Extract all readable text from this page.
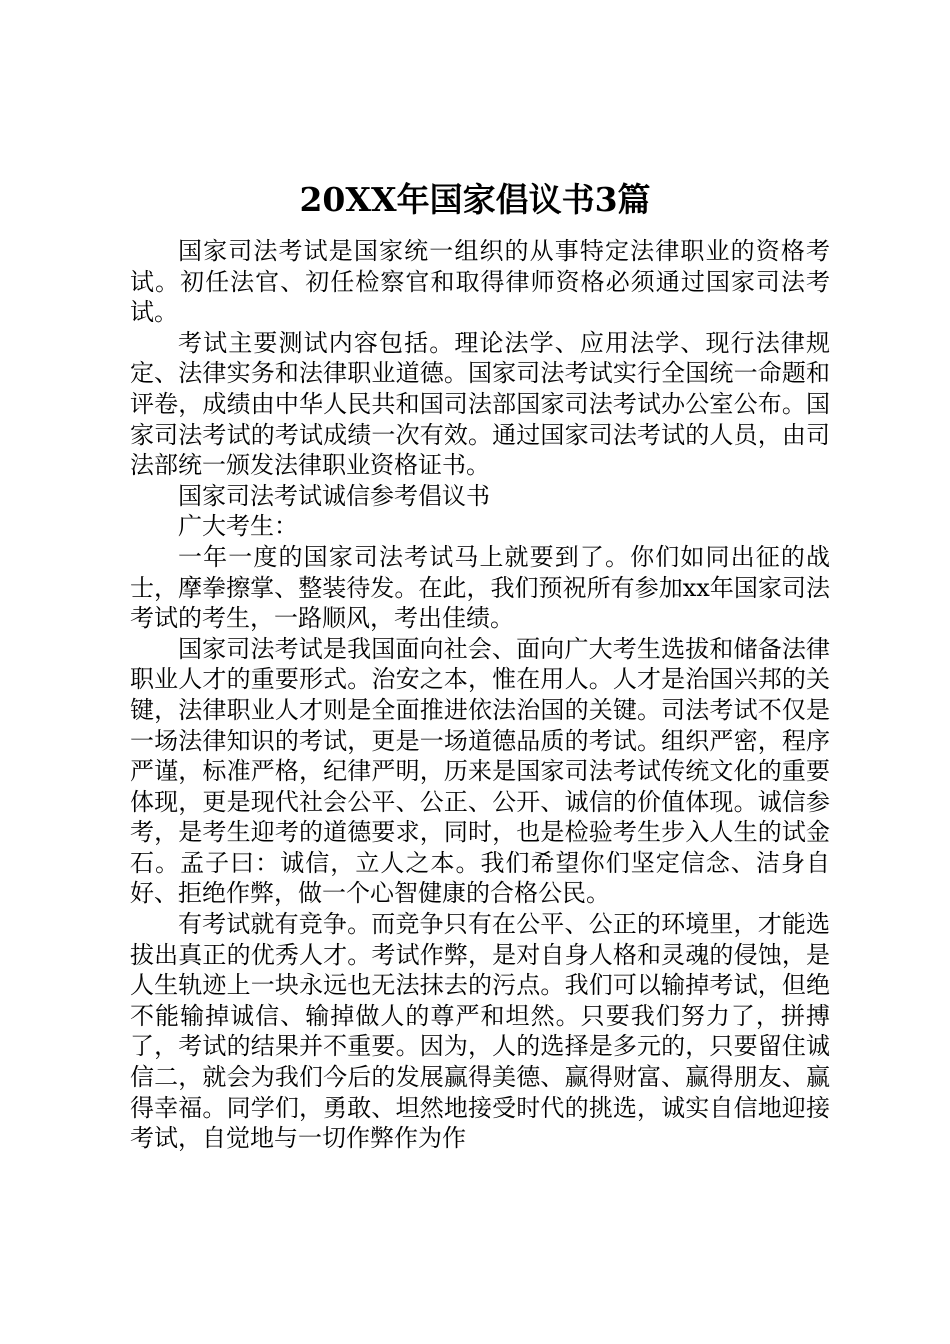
20XX年国家倡议书3篇

国家司法考试是国家统一组织的从事特定法律职业的资格考试。初任法官、初任检察官和取得律师资格必须通过国家司法考试。

考试主要测试内容包括。理论法学、应用法学、现行法律规定、法律实务和法律职业道德。国家司法考试实行全国统一命题和评卷，成绩由中华人民共和国司法部国家司法考试办公室公布。国家司法考试的考试成绩一次有效。通过国家司法考试的人员，由司法部统一颁发法律职业资格证书。

国家司法考试诚信参考倡议书

广大考生：

一年一度的国家司法考试马上就要到了。你们如同出征的战士，摩拳擦掌、整装待发。在此，我们预祝所有参加xx年国家司法考试的考生，一路顺风，考出佳绩。

国家司法考试是我国面向社会、面向广大考生选拔和储备法律职业人才的重要形式。治安之本，惟在用人。人才是治国兴邦的关键，法律职业人才则是全面推进依法治国的关键。司法考试不仅是一场法律知识的考试，更是一场道德品质的考试。组织严密，程序严谨，标准严格，纪律严明，历来是国家司法考试传统文化的重要体现，更是现代社会公平、公正、公开、诚信的价值体现。诚信参考，是考生迎考的道德要求，同时，也是检验考生步入人生的试金石。孟子曰：诚信，立人之本。我们希望你们坚定信念、洁身自好、拒绝作弊，做一个心智健康的合格公民。

有考试就有竞争。而竞争只有在公平、公正的环境里，才能选拔出真正的优秀人才。考试作弊，是对自身人格和灵魂的侵蚀，是人生轨迹上一块永远也无法抹去的污点。我们可以输掉考试，但绝不能输掉诚信、输掉做人的尊严和坦然。只要我们努力了，拼搏了，考试的结果并不重要。因为，人的选择是多元的，只要留住诚信二，就会为我们今后的发展赢得美德、赢得财富、赢得朋友、赢得幸福。同学们，勇敢、坦然地接受时代的挑选，诚实自信地迎接考试，自觉地与一切作弊作为作
